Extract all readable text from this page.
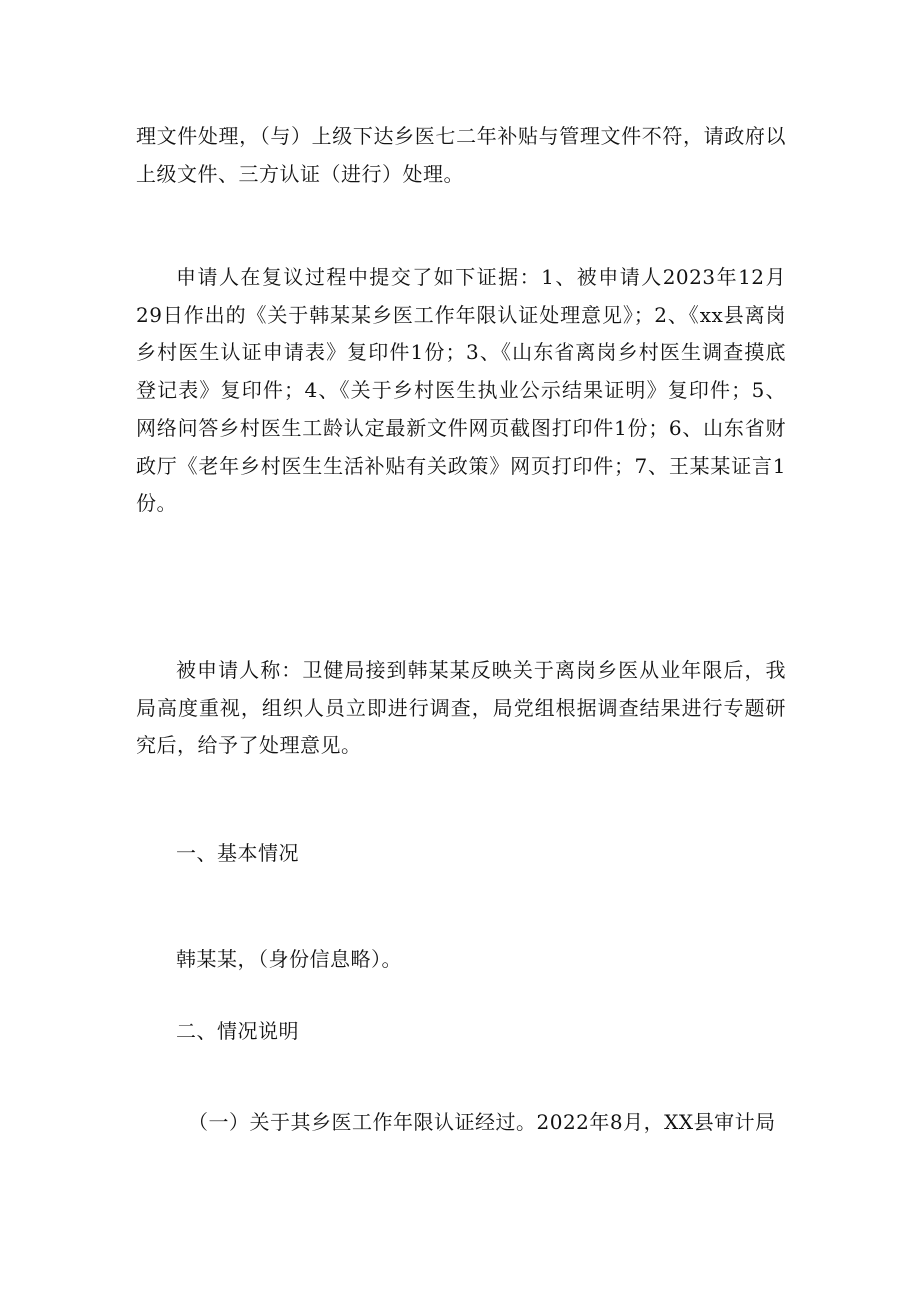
理文件处理，（与）上级下达乡医七二年补贴与管理文件不符，请政府以上级文件、三方认证（进行）处理。

申请人在复议过程中提交了如下证据：1、被申请人2023年12月29日作出的《关于韩某某乡医工作年限认证处理意见》；2、《xx县离岗乡村医生认证申请表》复印件1份；3、《山东省离岗乡村医生调查摸底登记表》复印件；4、《关于乡村医生执业公示结果证明》复印件；5、网络问答乡村医生工龄认定最新文件网页截图打印件1份；6、山东省财政厅《老年乡村医生生活补贴有关政策》网页打印件；7、王某某证言1份。

被申请人称：卫健局接到韩某某反映关于离岗乡医从业年限后，我局高度重视，组织人员立即进行调查，局党组根据调查结果进行专题研究后，给予了处理意见。

一、基本情况

韩某某，（身份信息略）。

二、情况说明

（一）关于其乡医工作年限认证经过。2022年8月，XX县审计局
